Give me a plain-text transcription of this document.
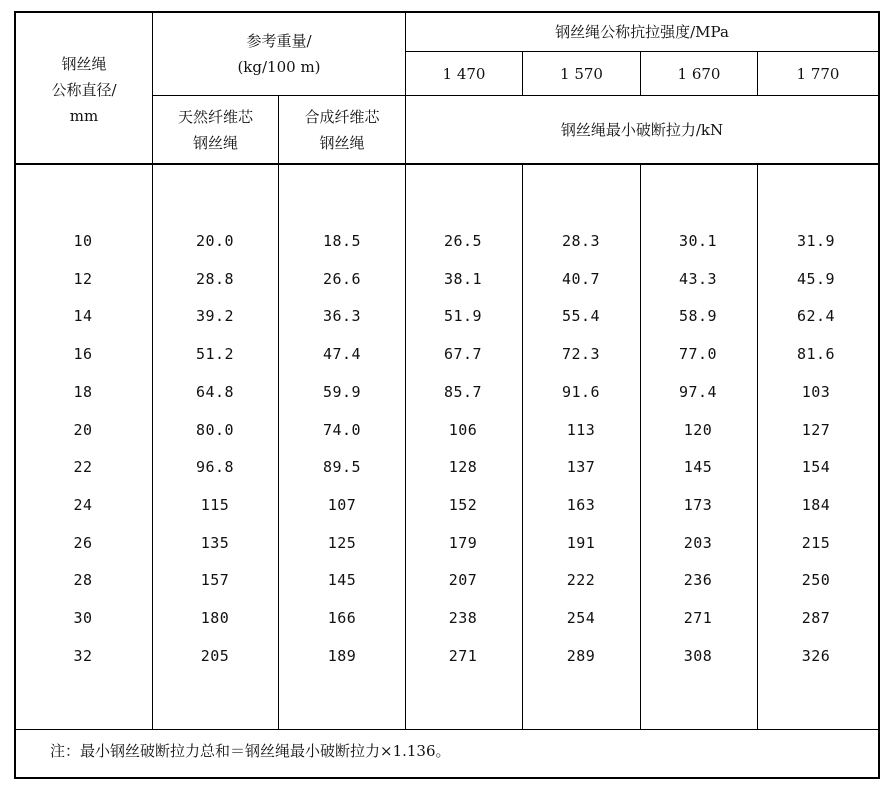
钢丝绳
公称直径/
mm
参考重量/
(kg/100 m)
天然纤维芯
钢丝绳
合成纤维芯
钢丝绳
钢丝绳公称抗拉强度/MPa
1 470	1 570	1 670	1 770
钢丝绳最小破断拉力/kN
10	20.0	18.5	26.5	28.3	30.1	31.9
12	28.8	26.6	38.1	40.7	43.3	45.9
14	39.2	36.3	51.9	55.4	58.9	62.4
16	51.2	47.4	67.7	72.3	77.0	81.6
18	64.8	59.9	85.7	91.6	97.4	103
20	80.0	74.0	106	113	120	127
22	96.8	89.5	128	137	145	154
24	115	107	152	163	173	184
26	135	125	179	191	203	215
28	157	145	207	222	236	250
30	180	166	238	254	271	287
32	205	189	271	289	308	326
注：最小钢丝破断拉力总和＝钢丝绳最小破断拉力×1.136。
